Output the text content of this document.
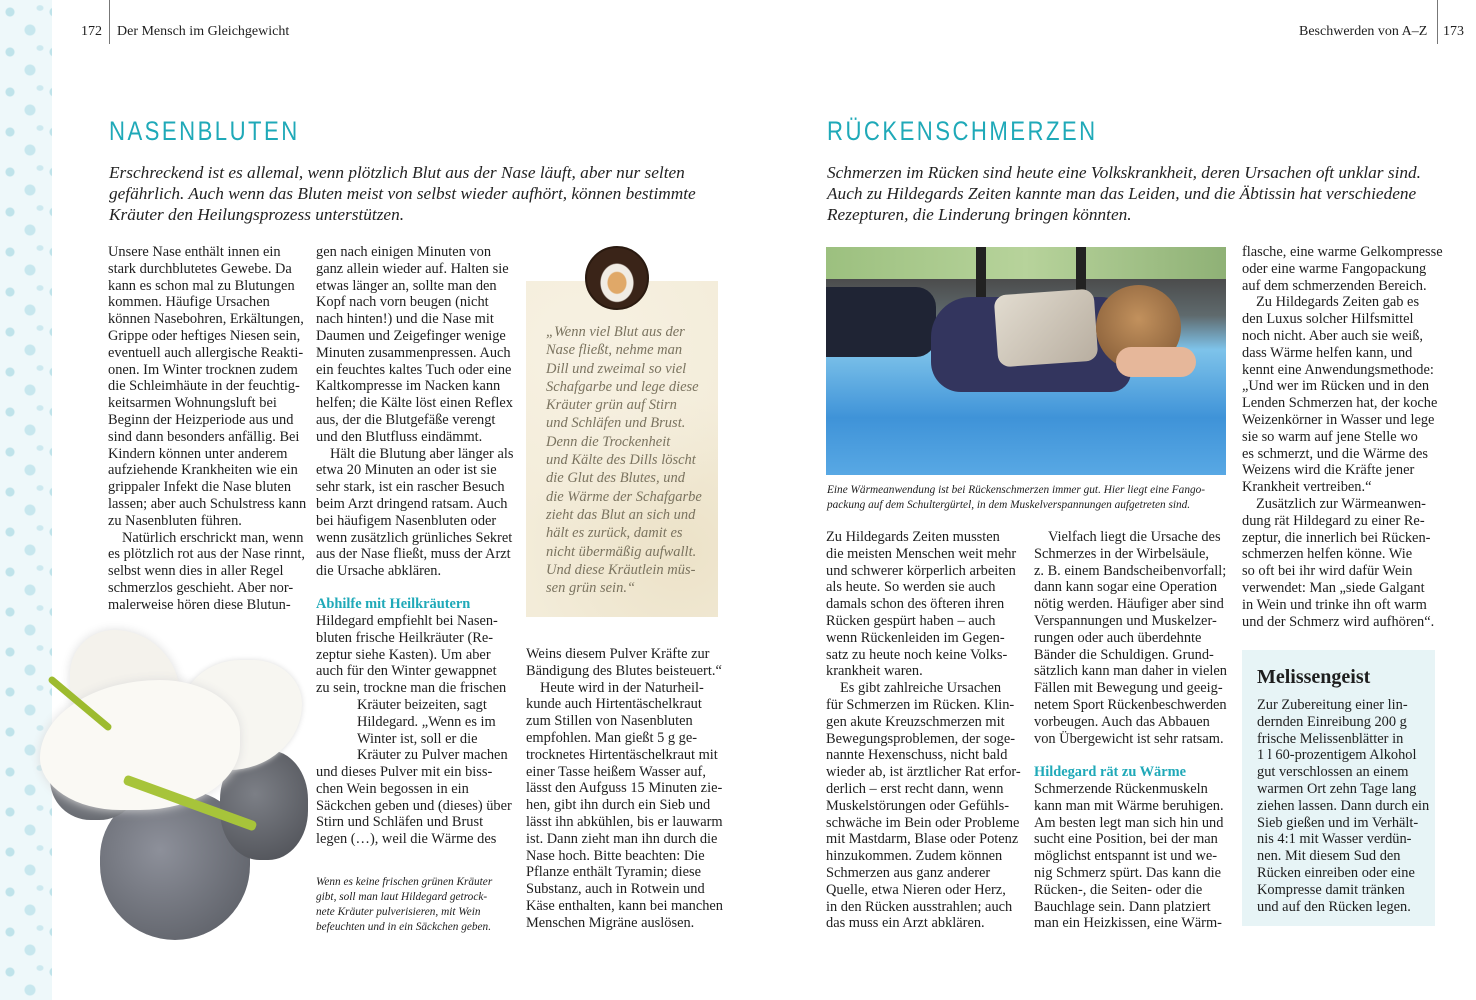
172 Der Mensch im Gleichgewicht
NASENBLUTEN
Erschreckend ist es allemal, wenn plötzlich Blut aus der Nase läuft, aber nur selten
gefährlich. Auch wenn das Bluten meist von selbst wieder aufhört, können bestimmte
Kräuter den Heilungsprozess unterstützen.
Unsere Nase enthält innen ein
stark durchblutetes Gewebe. Da
kann es schon mal zu Blutungen
kommen. Häufige Ursachen
können Nasebohren, Erkältungen,
Grippe oder heftiges Niesen sein,
eventuell auch allergische Reakti-
onen. Im Winter trocknen zudem
die Schleimhäute in der feuchtig-
keitsarmen Wohnungsluft bei
Beginn der Heizperiode aus und
sind dann besonders anfällig. Bei
Kindern können unter anderem
aufziehende Krankheiten wie ein
grippaler Infekt die Nase bluten
lassen; aber auch Schulstress kann
zu Nasenbluten führen.
Natürlich erschrickt man, wenn
es plötzlich rot aus der Nase rinnt,
selbst wenn dies in aller Regel
schmerzlos geschieht. Aber nor-
malerweise hören diese Blutun-
gen nach einigen Minuten von
ganz allein wieder auf. Halten sie
etwas länger an, sollte man den
Kopf nach vorn beugen (nicht
nach hinten!) und die Nase mit
Daumen und Zeigefinger wenige
Minuten zusammenpressen. Auch
ein feuchtes kaltes Tuch oder eine
Kaltkompresse im Nacken kann
helfen; die Kälte löst einen Reflex
aus, der die Blutgefäße verengt
und den Blutfluss eindämmt.
Hält die Blutung aber länger als
etwa 20 Minuten an oder ist sie
sehr stark, ist ein rascher Besuch
beim Arzt dringend ratsam. Auch
bei häufigem Nasenbluten oder
wenn zusätzlich grünliches Sekret
aus der Nase fließt, muss der Arzt
die Ursache abklären.
Abhilfe mit Heilkräutern
Hildegard empfiehlt bei Nasen-
bluten frische Heilkräuter (Re-
zeptur siehe Kasten). Um aber
auch für den Winter gewappnet
zu sein, trockne man die frischen
Kräuter beizeiten, sagt
Hildegard. „Wenn es im
Winter ist, soll er die
Kräuter zu Pulver machen
und dieses Pulver mit ein biss-
chen Wein begossen in ein
Säckchen geben und (dieses) über
Stirn und Schläfen und Brust
legen (…), weil die Wärme des
„Wenn viel Blut aus der
Nase fließt, nehme man
Dill und zweimal so viel
Schafgarbe und lege diese
Kräuter grün auf Stirn
und Schläfen und Brust.
Denn die Trockenheit
und Kälte des Dills löscht
die Glut des Blutes, und
die Wärme der Schafgarbe
zieht das Blut an sich und
hält es zurück, damit es
nicht übermäßig aufwallt.
Und diese Kräutlein müs-
sen grün sein.“
Weins diesem Pulver Kräfte zur
Bändigung des Blutes beisteuert.“
Heute wird in der Naturheil-
kunde auch Hirtentäschelkraut
zum Stillen von Nasenbluten
empfohlen. Man gießt 5 g ge-
trocknetes Hirtentäschelkraut mit
einer Tasse heißem Wasser auf,
lässt den Aufguss 15 Minuten zie-
hen, gibt ihn durch ein Sieb und
lässt ihn abkühlen, bis er lauwarm
ist. Dann zieht man ihn durch die
Nase hoch. Bitte beachten: Die
Pflanze enthält Tyramin; diese
Substanz, auch in Rotwein und
Käse enthalten, kann bei manchen
Menschen Migräne auslösen.
Wenn es keine frischen grünen Kräuter
gibt, soll man laut Hildegard getrock-
nete Kräuter pulverisieren, mit Wein
befeuchten und in ein Säckchen geben.
Beschwerden von A–Z 173
RÜCKENSCHMERZEN
Schmerzen im Rücken sind heute eine Volkskrankheit, deren Ursachen oft unklar sind.
Auch zu Hildegards Zeiten kannte man das Leiden, und die Äbtissin hat verschiedene
Rezepturen, die Linderung bringen könnten.
Eine Wärmeanwendung ist bei Rückenschmerzen immer gut. Hier liegt eine Fango-
packung auf dem Schultergürtel, in dem Muskelverspannungen aufgetreten sind.
Zu Hildegards Zeiten mussten
die meisten Menschen weit mehr
und schwerer körperlich arbeiten
als heute. So werden sie auch
damals schon des öfteren ihren
Rücken gespürt haben – auch
wenn Rückenleiden im Gegen-
satz zu heute noch keine Volks-
krankheit waren.
Es gibt zahlreiche Ursachen
für Schmerzen im Rücken. Klin-
gen akute Kreuzschmerzen mit
Bewegungsproblemen, der soge-
nannte Hexenschuss, nicht bald
wieder ab, ist ärztlicher Rat erfor-
derlich – erst recht dann, wenn
Muskelstörungen oder Gefühls-
schwäche im Bein oder Probleme
mit Mastdarm, Blase oder Potenz
hinzukommen. Zudem können
Schmerzen aus ganz anderer
Quelle, etwa Nieren oder Herz,
in den Rücken ausstrahlen; auch
das muss ein Arzt abklären.
Vielfach liegt die Ursache des
Schmerzes in der Wirbelsäule,
z. B. einem Bandscheibenvorfall;
dann kann sogar eine Operation
nötig werden. Häufiger aber sind
Verspannungen und Muskelzer-
rungen oder auch überdehnte
Bänder die Schuldigen. Grund-
sätzlich kann man daher in vielen
Fällen mit Bewegung und geeig-
netem Sport Rückenbeschwerden
vorbeugen. Auch das Abbauen
von Übergewicht ist sehr ratsam.
Hildegard rät zu Wärme
Schmerzende Rückenmuskeln
kann man mit Wärme beruhigen.
Am besten legt man sich hin und
sucht eine Position, bei der man
möglichst entspannt ist und we-
nig Schmerz spürt. Das kann die
Rücken-, die Seiten- oder die
Bauchlage sein. Dann platziert
man ein Heizkissen, eine Wärm-
flasche, eine warme Gelkompresse
oder eine warme Fangopackung
auf dem schmerzenden Bereich.
Zu Hildegards Zeiten gab es
den Luxus solcher Hilfsmittel
noch nicht. Aber auch sie weiß,
dass Wärme helfen kann, und
kennt eine Anwendungsmethode:
„Und wer im Rücken und in den
Lenden Schmerzen hat, der koche
Weizenkörner in Wasser und lege
sie so warm auf jene Stelle wo
es schmerzt, und die Wärme des
Weizens wird die Kräfte jener
Krankheit vertreiben.“
Zusätzlich zur Wärmeanwen-
dung rät Hildegard zu einer Re-
zeptur, die innerlich bei Rücken-
schmerzen helfen könne. Wie
so oft bei ihr wird dafür Wein
verwendet: Man „siede Galgant
in Wein und trinke ihn oft warm
und der Schmerz wird aufhören“.
Melissengeist
Zur Zubereitung einer lin-
dernden Einreibung 200 g
frische Melissenblätter in
1 l 60-prozentigem Alkohol
gut verschlossen an einem
warmen Ort zehn Tage lang
ziehen lassen. Dann durch ein
Sieb gießen und im Verhält-
nis 4:1 mit Wasser verdün-
nen. Mit diesem Sud den
Rücken einreiben oder eine
Kompresse damit tränken
und auf den Rücken legen.
